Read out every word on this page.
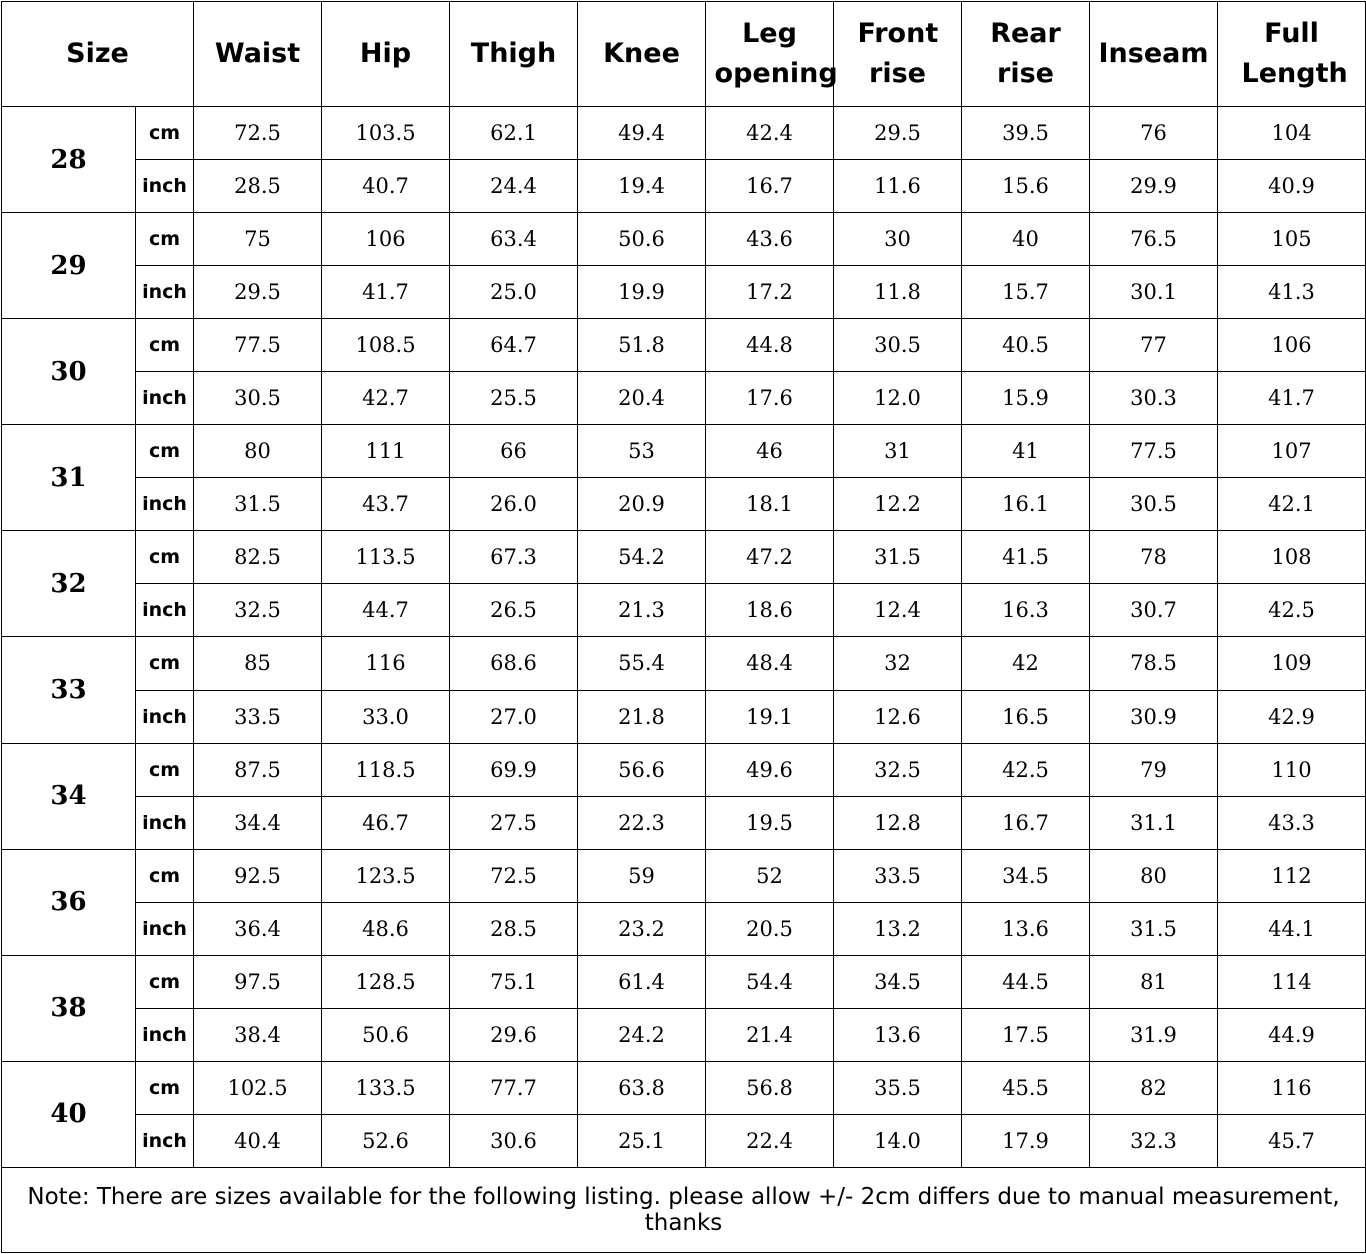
Size		Waist	Hip	Thigh	Knee	Leg opening	Front rise	Rear rise	Inseam	Full Length
28	cm	72.5	103.5	62.1	49.4	42.4	29.5	39.5	76	104
	inch	28.5	40.7	24.4	19.4	16.7	11.6	15.6	29.9	40.9
29	cm	75	106	63.4	50.6	43.6	30	40	76.5	105
	inch	29.5	41.7	25.0	19.9	17.2	11.8	15.7	30.1	41.3
30	cm	77.5	108.5	64.7	51.8	44.8	30.5	40.5	77	106
	inch	30.5	42.7	25.5	20.4	17.6	12.0	15.9	30.3	41.7
31	cm	80	111	66	53	46	31	41	77.5	107
	inch	31.5	43.7	26.0	20.9	18.1	12.2	16.1	30.5	42.1
32	cm	82.5	113.5	67.3	54.2	47.2	31.5	41.5	78	108
	inch	32.5	44.7	26.5	21.3	18.6	12.4	16.3	30.7	42.5
33	cm	85	116	68.6	55.4	48.4	32	42	78.5	109
	inch	33.5	33.0	27.0	21.8	19.1	12.6	16.5	30.9	42.9
34	cm	87.5	118.5	69.9	56.6	49.6	32.5	42.5	79	110
	inch	34.4	46.7	27.5	22.3	19.5	12.8	16.7	31.1	43.3
36	cm	92.5	123.5	72.5	59	52	33.5	34.5	80	112
	inch	36.4	48.6	28.5	23.2	20.5	13.2	13.6	31.5	44.1
38	cm	97.5	128.5	75.1	61.4	54.4	34.5	44.5	81	114
	inch	38.4	50.6	29.6	24.2	21.4	13.6	17.5	31.9	44.9
40	cm	102.5	133.5	77.7	63.8	56.8	35.5	45.5	82	116
	inch	40.4	52.6	30.6	25.1	22.4	14.0	17.9	32.3	45.7
Note: There are sizes available for the following listing. please allow +/- 2cm differs due to manual measurement, thanks										
